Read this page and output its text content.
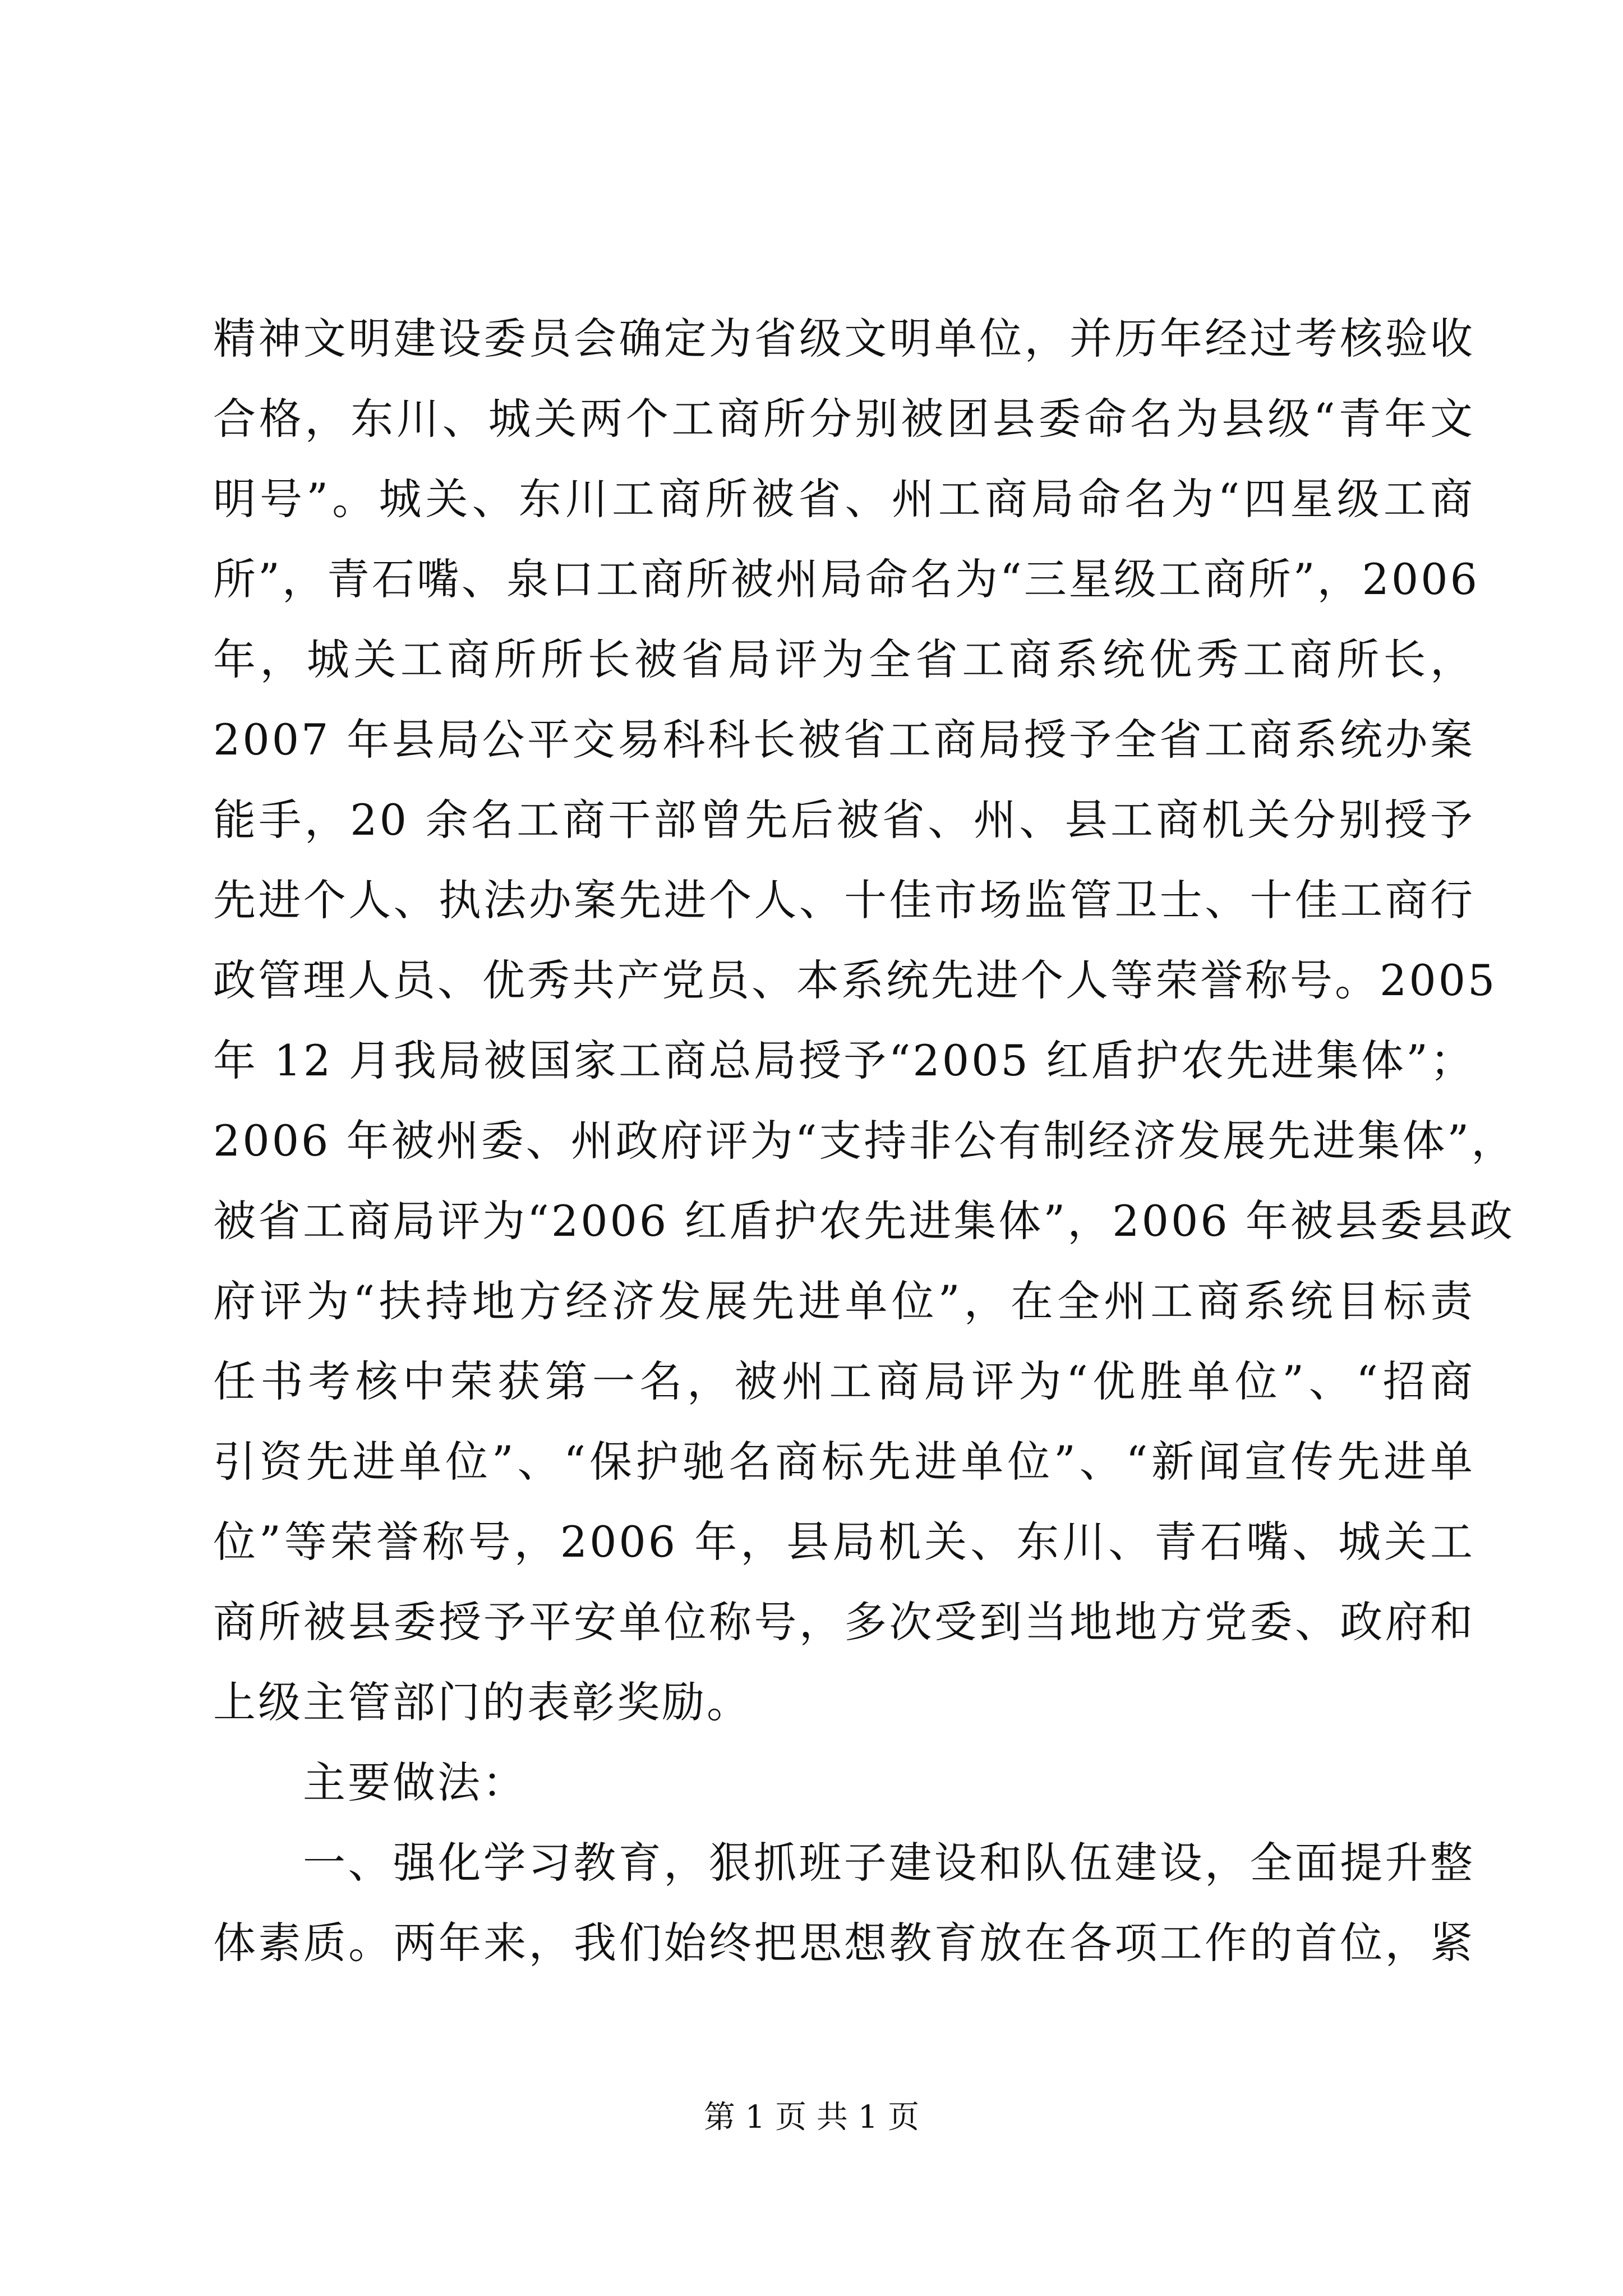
精神文明建设委员会确定为省级文明单位，并历年经过考核验收
合格，东川、城关两个工商所分别被团县委命名为县级“青年文
明号”。城关、东川工商所被省、州工商局命名为“四星级工商
所”，青石嘴、泉口工商所被州局命名为“三星级工商所”，2006
年，城关工商所所长被省局评为全省工商系统优秀工商所长，
2007 年县局公平交易科科长被省工商局授予全省工商系统办案
能手，20 余名工商干部曾先后被省、州、县工商机关分别授予
先进个人、执法办案先进个人、十佳市场监管卫士、十佳工商行
政管理人员、优秀共产党员、本系统先进个人等荣誉称号。2005
年 12 月我局被国家工商总局授予“2005 红盾护农先进集体”；
2006 年被州委、州政府评为“支持非公有制经济发展先进集体”，
被省工商局评为“2006 红盾护农先进集体”，2006 年被县委县政
府评为“扶持地方经济发展先进单位”，在全州工商系统目标责
任书考核中荣获第一名，被州工商局评为“优胜单位”、“招商
引资先进单位”、“保护驰名商标先进单位”、“新闻宣传先进单
位”等荣誉称号，2006 年，县局机关、东川、青石嘴、城关工
商所被县委授予平安单位称号，多次受到当地地方党委、政府和
上级主管部门的表彰奖励。
主要做法：
一、强化学习教育，狠抓班子建设和队伍建设，全面提升整
体素质。两年来，我们始终把思想教育放在各项工作的首位，紧
第 1 页 共 1 页
